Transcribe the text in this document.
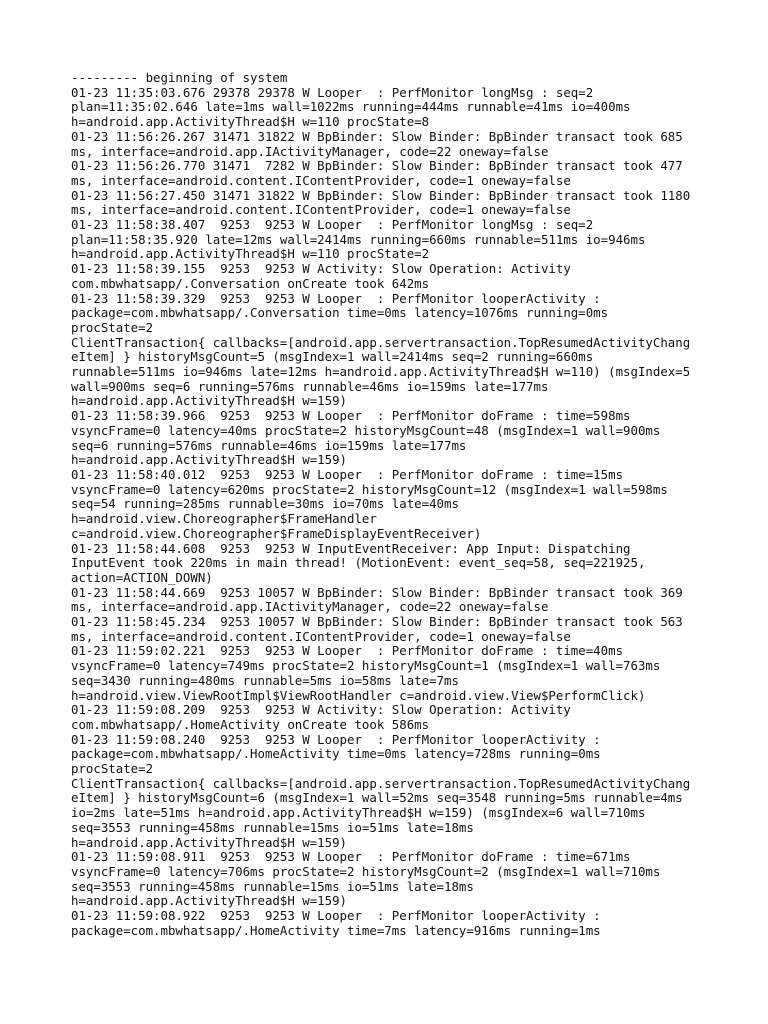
--------- beginning of system
01-23 11:35:03.676 29378 29378 W Looper  : PerfMonitor longMsg : seq=2
plan=11:35:02.646 late=1ms wall=1022ms running=444ms runnable=41ms io=400ms
h=android.app.ActivityThread$H w=110 procState=8
01-23 11:56:26.267 31471 31822 W BpBinder: Slow Binder: BpBinder transact took 685
ms, interface=android.app.IActivityManager, code=22 oneway=false
01-23 11:56:26.770 31471  7282 W BpBinder: Slow Binder: BpBinder transact took 477
ms, interface=android.content.IContentProvider, code=1 oneway=false
01-23 11:56:27.450 31471 31822 W BpBinder: Slow Binder: BpBinder transact took 1180
ms, interface=android.content.IContentProvider, code=1 oneway=false
01-23 11:58:38.407  9253  9253 W Looper  : PerfMonitor longMsg : seq=2
plan=11:58:35.920 late=12ms wall=2414ms running=660ms runnable=511ms io=946ms
h=android.app.ActivityThread$H w=110 procState=2
01-23 11:58:39.155  9253  9253 W Activity: Slow Operation: Activity
com.mbwhatsapp/.Conversation onCreate took 642ms
01-23 11:58:39.329  9253  9253 W Looper  : PerfMonitor looperActivity :
package=com.mbwhatsapp/.Conversation time=0ms latency=1076ms running=0ms
procState=2
ClientTransaction{ callbacks=[android.app.servertransaction.TopResumedActivityChang
eItem] } historyMsgCount=5 (msgIndex=1 wall=2414ms seq=2 running=660ms
runnable=511ms io=946ms late=12ms h=android.app.ActivityThread$H w=110) (msgIndex=5
wall=900ms seq=6 running=576ms runnable=46ms io=159ms late=177ms
h=android.app.ActivityThread$H w=159)
01-23 11:58:39.966  9253  9253 W Looper  : PerfMonitor doFrame : time=598ms
vsyncFrame=0 latency=40ms procState=2 historyMsgCount=48 (msgIndex=1 wall=900ms
seq=6 running=576ms runnable=46ms io=159ms late=177ms
h=android.app.ActivityThread$H w=159)
01-23 11:58:40.012  9253  9253 W Looper  : PerfMonitor doFrame : time=15ms
vsyncFrame=0 latency=620ms procState=2 historyMsgCount=12 (msgIndex=1 wall=598ms
seq=54 running=285ms runnable=30ms io=70ms late=40ms
h=android.view.Choreographer$FrameHandler
c=android.view.Choreographer$FrameDisplayEventReceiver)
01-23 11:58:44.608  9253  9253 W InputEventReceiver: App Input: Dispatching
InputEvent took 220ms in main thread! (MotionEvent: event_seq=58, seq=221925,
action=ACTION_DOWN)
01-23 11:58:44.669  9253 10057 W BpBinder: Slow Binder: BpBinder transact took 369
ms, interface=android.app.IActivityManager, code=22 oneway=false
01-23 11:58:45.234  9253 10057 W BpBinder: Slow Binder: BpBinder transact took 563
ms, interface=android.content.IContentProvider, code=1 oneway=false
01-23 11:59:02.221  9253  9253 W Looper  : PerfMonitor doFrame : time=40ms
vsyncFrame=0 latency=749ms procState=2 historyMsgCount=1 (msgIndex=1 wall=763ms
seq=3430 running=480ms runnable=5ms io=58ms late=7ms
h=android.view.ViewRootImpl$ViewRootHandler c=android.view.View$PerformClick)
01-23 11:59:08.209  9253  9253 W Activity: Slow Operation: Activity
com.mbwhatsapp/.HomeActivity onCreate took 586ms
01-23 11:59:08.240  9253  9253 W Looper  : PerfMonitor looperActivity :
package=com.mbwhatsapp/.HomeActivity time=0ms latency=728ms running=0ms
procState=2
ClientTransaction{ callbacks=[android.app.servertransaction.TopResumedActivityChang
eItem] } historyMsgCount=6 (msgIndex=1 wall=52ms seq=3548 running=5ms runnable=4ms
io=2ms late=51ms h=android.app.ActivityThread$H w=159) (msgIndex=6 wall=710ms
seq=3553 running=458ms runnable=15ms io=51ms late=18ms
h=android.app.ActivityThread$H w=159)
01-23 11:59:08.911  9253  9253 W Looper  : PerfMonitor doFrame : time=671ms
vsyncFrame=0 latency=706ms procState=2 historyMsgCount=2 (msgIndex=1 wall=710ms
seq=3553 running=458ms runnable=15ms io=51ms late=18ms
h=android.app.ActivityThread$H w=159)
01-23 11:59:08.922  9253  9253 W Looper  : PerfMonitor looperActivity :
package=com.mbwhatsapp/.HomeActivity time=7ms latency=916ms running=1ms
